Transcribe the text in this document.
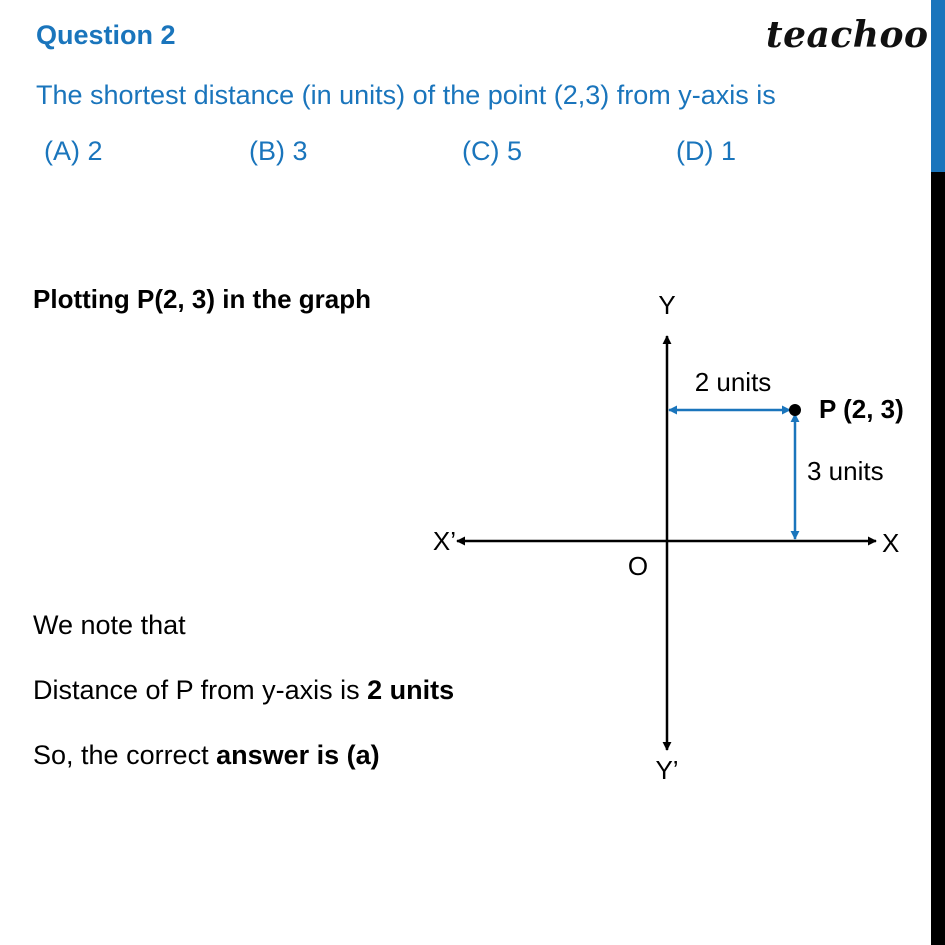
Question 2	teachoo
The shortest distance (in units) of the point (2,3) from y-axis is
(A) 2	(B) 3	(C) 5	(D) 1
Plotting P(2, 3) in the graph
We note that
Distance of P from y-axis is 2 units
So, the correct answer is (a)
Y
Y’
X’	X
O
2 units
3 units
P (2, 3)
